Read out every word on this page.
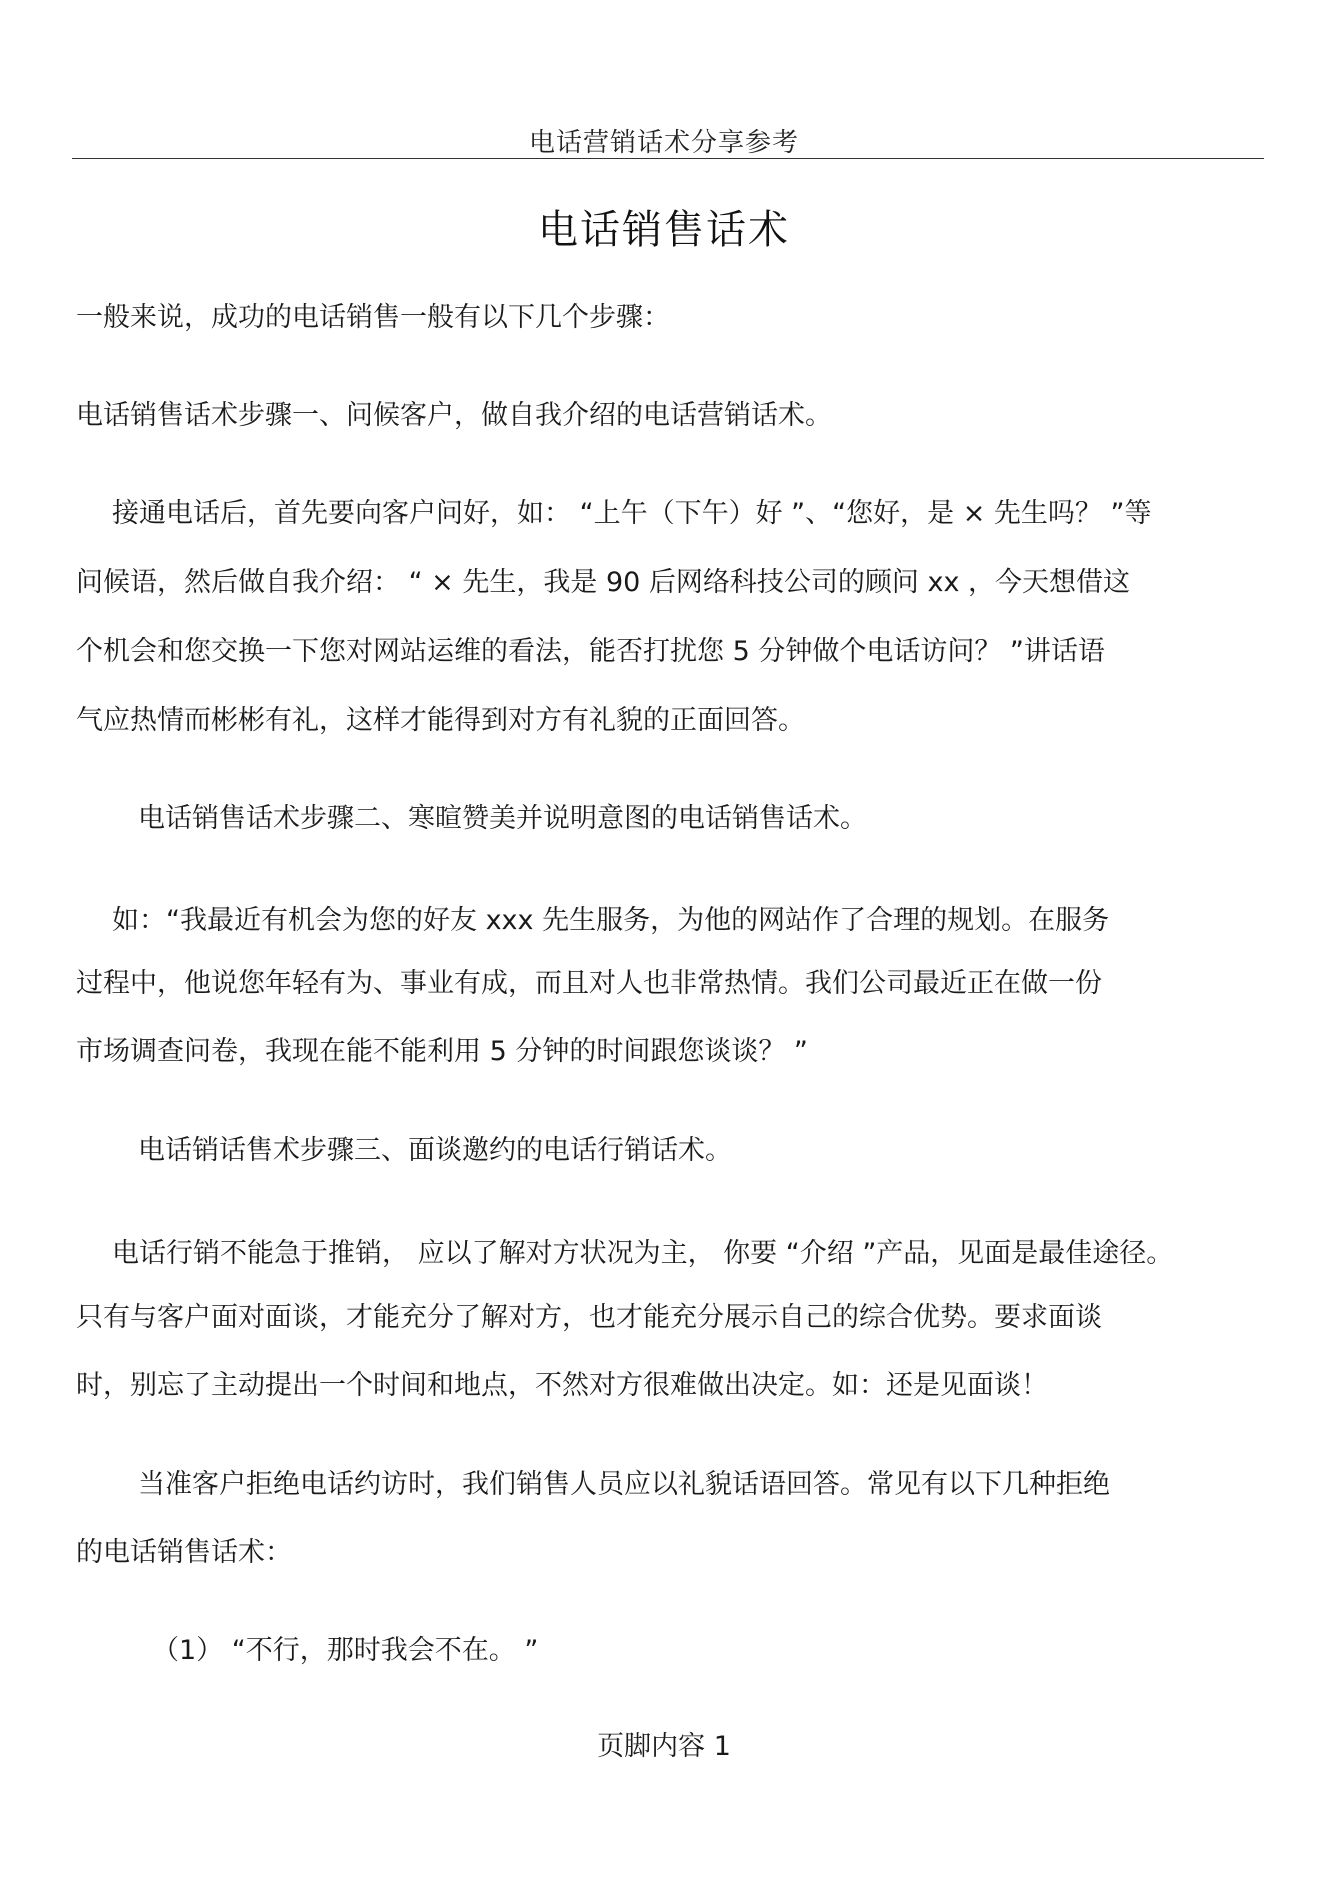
电话营销话术分享参考
电话销售话术
一般来说，成功的电话销售一般有以下几个步骤：
电话销售话术步骤一、问候客户，做自我介绍的电话营销话术。
接通电话后，首先要向客户问好，如： “上午（下午）好 ”、“您好，是 × 先生吗？ ”等
问候语，然后做自我介绍： “ × 先生，我是 90 后网络科技公司的顾问 xx ，今天想借这
个机会和您交换一下您对网站运维的看法，能否打扰您 5 分钟做个电话访问？ ”讲话语
气应热情而彬彬有礼，这样才能得到对方有礼貌的正面回答。
电话销售话术步骤二、寒暄赞美并说明意图的电话销售话术。
如：“我最近有机会为您的好友 xxx 先生服务，为他的网站作了合理的规划。在服务
过程中，他说您年轻有为、事业有成，而且对人也非常热情。我们公司最近正在做一份
市场调查问卷，我现在能不能利用 5 分钟的时间跟您谈谈？ ”
电话销话售术步骤三、面谈邀约的电话行销话术。
电话行销不能急于推销， 应以了解对方状况为主， 你要 “介绍 ”产品，见面是最佳途径。
只有与客户面对面谈，才能充分了解对方，也才能充分展示自己的综合优势。要求面谈
时，别忘了主动提出一个时间和地点，不然对方很难做出决定。如：还是见面谈！
当准客户拒绝电话约访时，我们销售人员应以礼貌话语回答。常见有以下几种拒绝
的电话销售话术：
（1） “不行，那时我会不在。 ”
页脚内容 1
